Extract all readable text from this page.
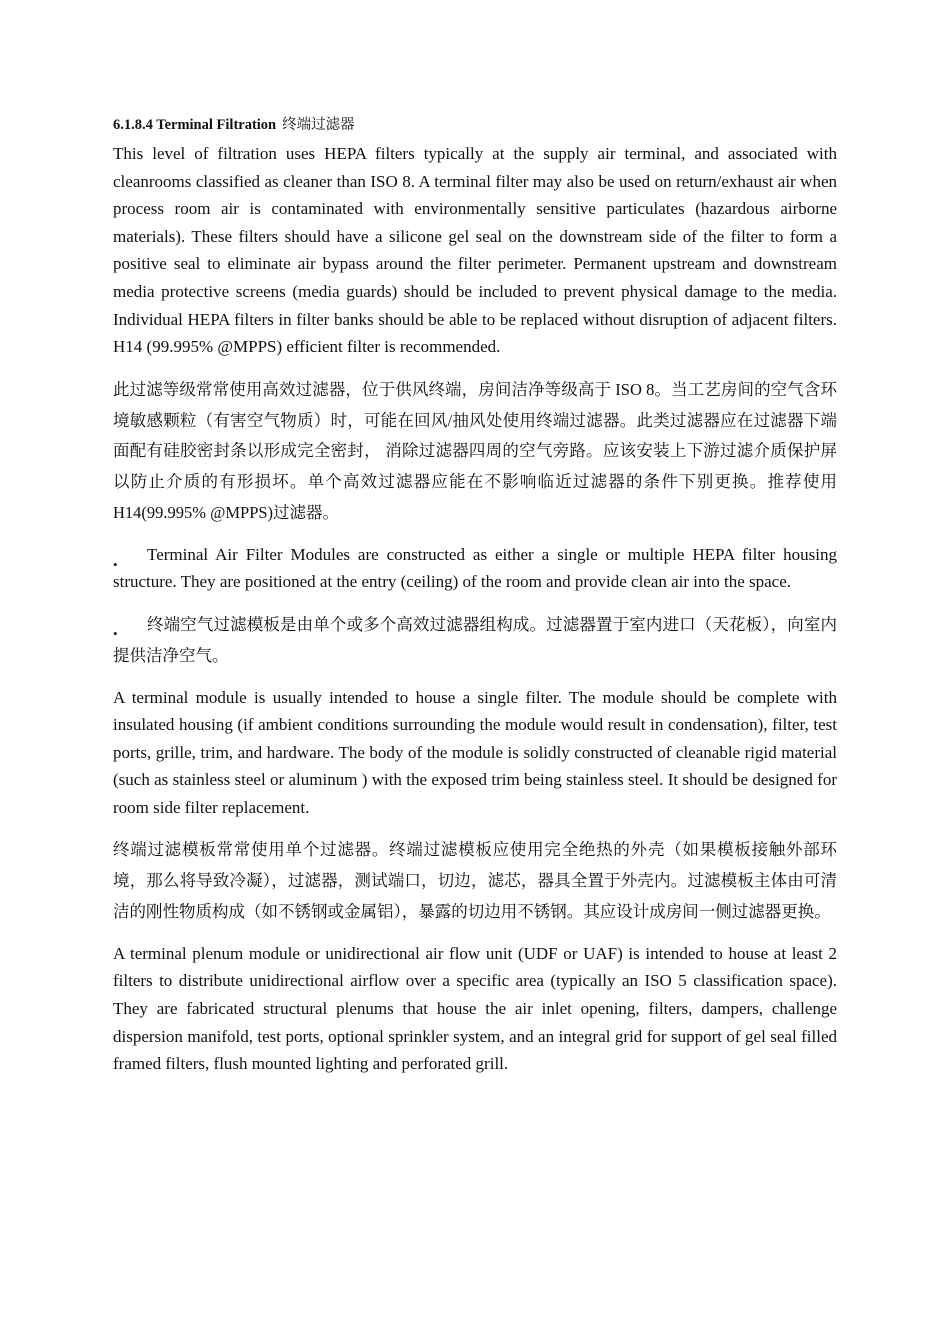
6.1.8.4 Terminal Filtration 终端过滤器

This level of filtration uses HEPA filters typically at the supply air terminal, and associated with cleanrooms classified as cleaner than ISO 8. A terminal filter may also be used on return/exhaust air when process room air is contaminated with environmentally sensitive particulates (hazardous airborne materials). These filters should have a silicone gel seal on the downstream side of the filter to form a positive seal to eliminate air bypass around the filter perimeter. Permanent upstream and downstream media protective screens (media guards) should be included to prevent physical damage to the media. Individual HEPA filters in filter banks should be able to be replaced without disruption of adjacent filters. H14 (99.995% @MPPS) efficient filter is recommended.

此过滤等级常常使用高效过滤器，位于供风终端，房间洁净等级高于 ISO 8。当工艺房间的空气含环境敏感颗粒（有害空气物质）时，可能在回风/抽风处使用终端过滤器。此类过滤器应在过滤器下端面配有硅胶密封条以形成完全密封， 消除过滤器四周的空气旁路。应该安装上下游过滤介质保护屏以防止介质的有形损坏。单个高效过滤器应能在不影响临近过滤器的条件下别更换。推荐使用 H14(99.995% @MPPS)过滤器。

•

Terminal Air Filter Modules are constructed as either a single or multiple HEPA filter housing structure. They are positioned at the entry (ceiling) of the room and provide clean air into the space.

•	终端空气过滤模板是由单个或多个高效过滤器组构成。过滤器置于室内进口（天花板），向室内提供洁净空气。

A terminal module is usually intended to house a single filter. The module should be complete with insulated housing (if ambient conditions surrounding the module would result in condensation), filter, test ports, grille, trim, and hardware. The body of the module is solidly constructed of cleanable rigid material (such as stainless steel or aluminum ) with the exposed trim being stainless steel. It should be designed for room side filter replacement.

终端过滤模板常常使用单个过滤器。终端过滤模板应使用完全绝热的外壳（如果模板接触外部环境，那么将导致冷凝），过滤器，测试端口，切边，滤芯，器具全置于外壳内。过滤模板主体由可清洁的刚性物质构成（如不锈钢或金属铝），暴露的切边用不锈钢。其应设计成房间一侧过滤器更换。

A terminal plenum module or unidirectional air flow unit (UDF or UAF) is intended to house at least 2 filters to distribute unidirectional airflow over a specific area (typically an ISO 5 classification space). They are fabricated structural plenums that house the air inlet opening, filters, dampers, challenge dispersion manifold, test ports, optional sprinkler system, and an integral grid for support of gel seal filled framed filters, flush mounted lighting and perforated grill.
